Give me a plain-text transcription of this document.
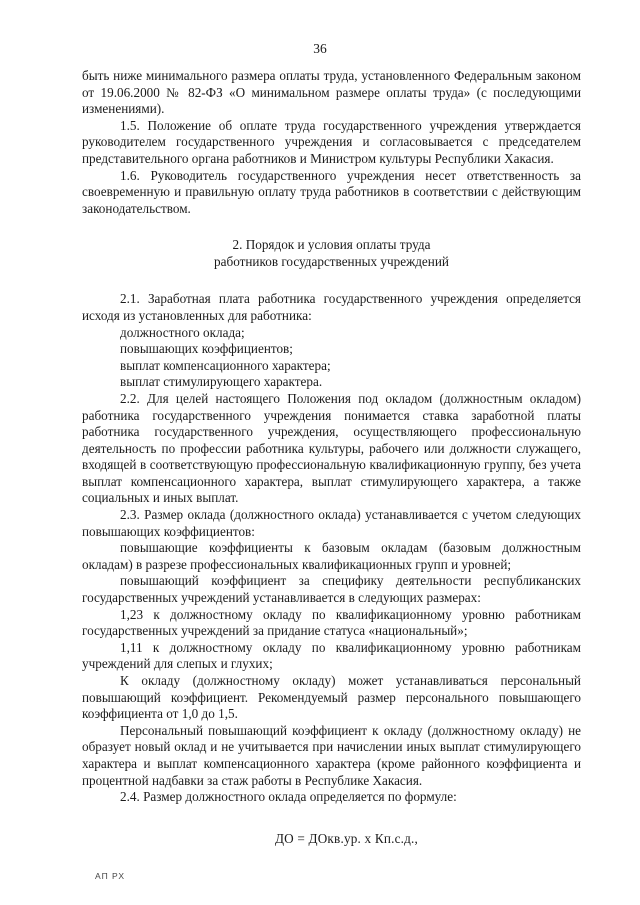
36

быть ниже минимального размера оплаты труда, установленного Федеральным законом от 19.06.2000 № 82-ФЗ «О минимальном размере оплаты труда» (с последующими изменениями).

1.5. Положение об оплате труда государственного учреждения утверждается руководителем государственного учреждения и согласовывается с председателем представительного органа работников и Министром культуры Республики Хакасия.

1.6. Руководитель государственного учреждения несет ответственность за своевременную и правильную оплату труда работников в соответствии с действующим законодательством.

2. Порядок и условия оплаты труда
работников государственных учреждений

2.1. Заработная плата работника государственного учреждения определяется исходя из установленных для работника:

должностного оклада;

повышающих коэффициентов;

выплат компенсационного характера;

выплат стимулирующего характера.

2.2. Для целей настоящего Положения под окладом (должностным окладом) работника государственного учреждения понимается ставка заработной платы работника государственного учреждения, осуществляющего профессиональную деятельность по профессии работника культуры, рабочего или должности служащего, входящей в соответствующую профессиональную квалификационную группу, без учета выплат компенсационного характера, выплат стимулирующего характера, а также социальных и иных выплат.

2.3. Размер оклада (должностного оклада) устанавливается с учетом следующих повышающих коэффициентов:

повышающие коэффициенты к базовым окладам (базовым должностным окладам) в разрезе профессиональных квалификационных групп и уровней;

повышающий коэффициент за специфику деятельности республиканских государственных учреждений устанавливается в следующих размерах:

1,23 к должностному окладу по квалификационному уровню работникам государственных учреждений за придание статуса «национальный»;

1,11 к должностному окладу по квалификационному уровню работникам учреждений для слепых и глухих;

К окладу (должностному окладу) может устанавливаться персональный повышающий коэффициент. Рекомендуемый размер персонального повышающего коэффициента от 1,0 до 1,5.

Персональный повышающий коэффициент к окладу (должностному окладу) не образует новый оклад и не учитывается при начислении иных выплат стимулирующего характера и выплат компенсационного характера (кроме районного коэффициента и процентной надбавки за стаж работы в Республике Хакасия.

2.4. Размер должностного оклада определяется по формуле:

ДО = ДОкв.ур. х Кп.с.д.,

АП РХ
